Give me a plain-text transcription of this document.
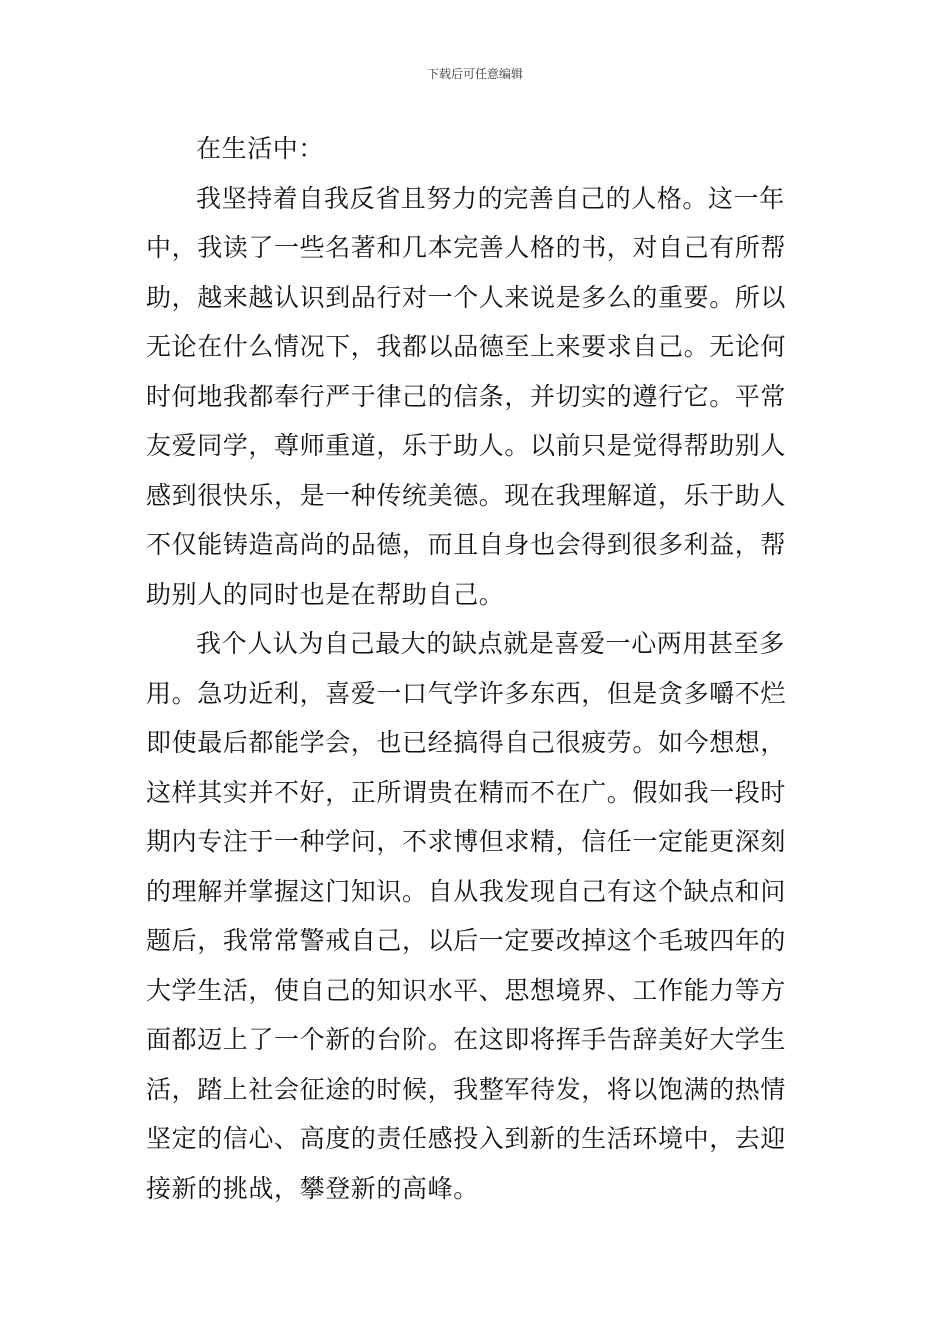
下载后可任意编辑
在生活中：
我坚持着自我反省且努力的完善自己的人格。这一年
中，我读了一些名著和几本完善人格的书，对自己有所帮
助，越来越认识到品行对一个人来说是多么的重要。所以
无论在什么情况下，我都以品德至上来要求自己。无论何
时何地我都奉行严于律己的信条，并切实的遵行它。平常
友爱同学，尊师重道，乐于助人。以前只是觉得帮助别人
感到很快乐，是一种传统美德。现在我理解道，乐于助人
不仅能铸造高尚的品德，而且自身也会得到很多利益，帮
助别人的同时也是在帮助自己。
我个人认为自己最大的缺点就是喜爱一心两用甚至多
用。急功近利，喜爱一口气学许多东西，但是贪多嚼不烂
即使最后都能学会，也已经搞得自己很疲劳。如今想想，
这样其实并不好，正所谓贵在精而不在广。假如我一段时
期内专注于一种学问，不求博但求精，信任一定能更深刻
的理解并掌握这门知识。自从我发现自己有这个缺点和问
题后，我常常警戒自己，以后一定要改掉这个毛玻四年的
大学生活，使自己的知识水平、思想境界、工作能力等方
面都迈上了一个新的台阶。在这即将挥手告辞美好大学生
活，踏上社会征途的时候，我整军待发，将以饱满的热情
坚定的信心、高度的责任感投入到新的生活环境中，去迎
接新的挑战，攀登新的高峰。
